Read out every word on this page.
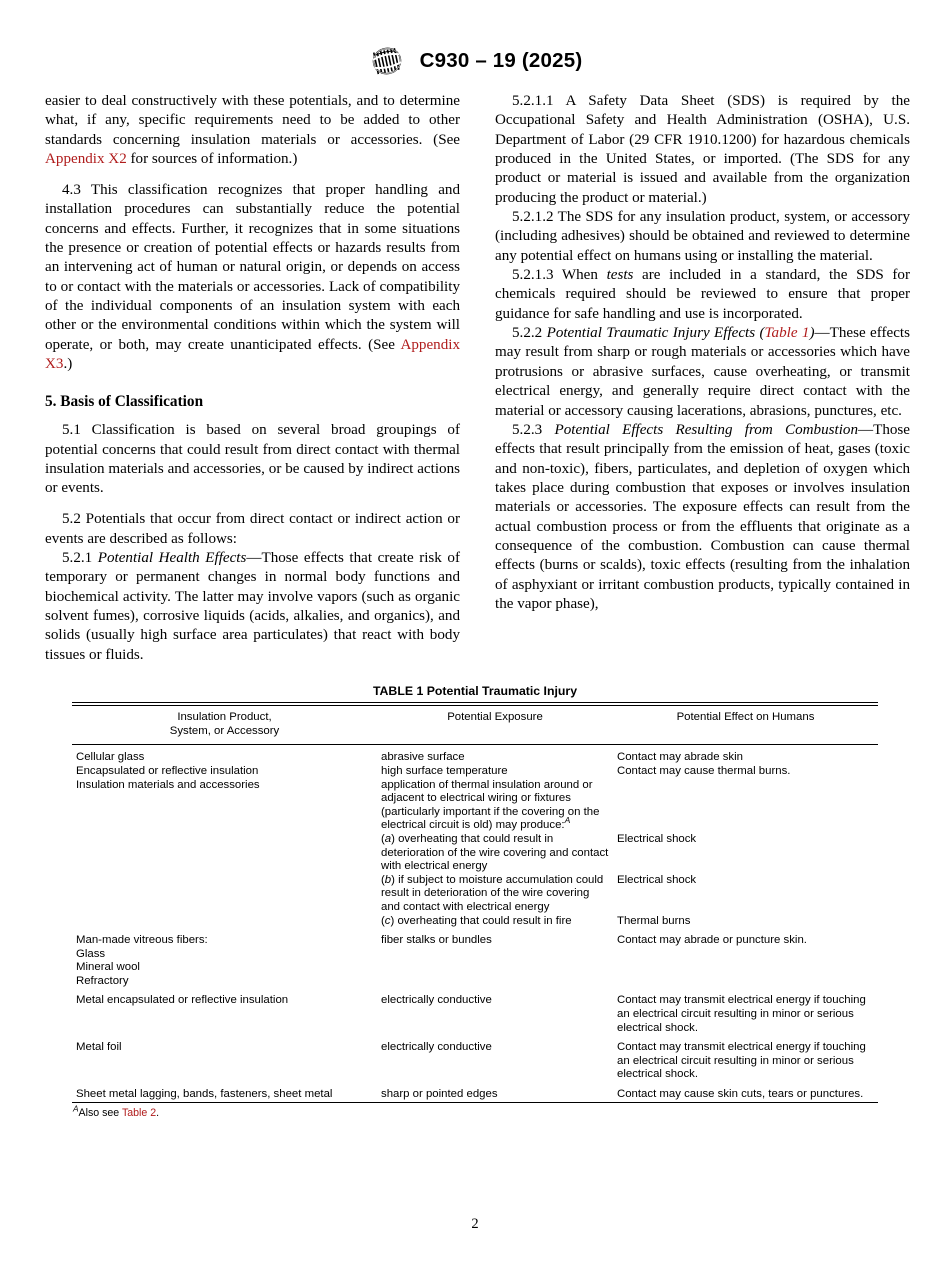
C930 – 19 (2025)

easier to deal constructively with these potentials, and to determine what, if any, specific requirements need to be added to other standards concerning insulation materials or accessories. (See Appendix X2 for sources of information.)

4.3 This classification recognizes that proper handling and installation procedures can substantially reduce the potential concerns and effects. Further, it recognizes that in some situations the presence or creation of potential effects or hazards results from an intervening act of human or natural origin, or depends on access to or contact with the materials or accessories. Lack of compatibility of the individual components of an insulation system with each other or the environmental conditions within which the system will operate, or both, may create unanticipated effects. (See Appendix X3.)

5. Basis of Classification

5.1 Classification is based on several broad groupings of potential concerns that could result from direct contact with thermal insulation materials and accessories, or be caused by indirect actions or events.

5.2 Potentials that occur from direct contact or indirect action or events are described as follows:

5.2.1 Potential Health Effects—Those effects that create risk of temporary or permanent changes in normal body functions and biochemical activity. The latter may involve vapors (such as organic solvent fumes), corrosive liquids (acids, alkalies, and organics), and solids (usually high surface area particulates) that react with body tissues or fluids.

5.2.1.1 A Safety Data Sheet (SDS) is required by the Occupational Safety and Health Administration (OSHA), U.S. Department of Labor (29 CFR 1910.1200) for hazardous chemicals produced in the United States, or imported. (The SDS for any product or material is issued and available from the organization producing the product or material.)

5.2.1.2 The SDS for any insulation product, system, or accessory (including adhesives) should be obtained and reviewed to determine any potential effect on humans using or installing the material.

5.2.1.3 When tests are included in a standard, the SDS for chemicals required should be reviewed to ensure that proper guidance for safe handling and use is incorporated.

5.2.2 Potential Traumatic Injury Effects (Table 1)—These effects may result from sharp or rough materials or accessories which have protrusions or abrasive surfaces, cause overheating, or transmit electrical energy, and generally require direct contact with the material or accessory causing lacerations, abrasions, punctures, etc.

5.2.3 Potential Effects Resulting from Combustion—Those effects that result principally from the emission of heat, gases (toxic and non-toxic), fibers, particulates, and depletion of oxygen which takes place during combustion that exposes or involves insulation materials or accessories. The exposure effects can result from the actual combustion process or from the effluents that originate as a consequence of the combustion. Combustion can cause thermal effects (burns or scalds), toxic effects (resulting from the inhalation of asphyxiant or irritant combustion products, typically contained in the vapor phase),

TABLE 1 Potential Traumatic Injury
Insulation Product,
System, or Accessory	Potential Exposure	Potential Effect on Humans
Cellular glass	abrasive surface	Contact may abrade skin
Encapsulated or reflective insulation	high surface temperature	Contact may cause thermal burns.
Insulation materials and accessories	application of thermal insulation around or adjacent to electrical wiring or fixtures (particularly important if the covering on the electrical circuit is old) may produce:$^A$	
	(a) overheating that could result in deterioration of the wire covering and contact with electrical energy	Electrical shock
	(b) if subject to moisture accumulation could result in deterioration of the wire covering and contact with electrical energy	Electrical shock
	(c) overheating that could result in fire	Thermal burns

Man-made vitreous fibers:
Glass
Mineral wool
Refractory	fiber stalks or bundles	Contact may abrade or puncture skin.

Metal encapsulated or reflective insulation	electrically conductive	Contact may transmit electrical energy if touching an electrical circuit resulting in minor or serious electrical shock.

Metal foil	electrically conductive	Contact may transmit electrical energy if touching an electrical circuit resulting in minor or serious electrical shock.

Sheet metal lagging, bands, fasteners, sheet metal	sharp or pointed edges	Contact may cause skin cuts, tears or punctures.
$^A$Also see Table 2.
2
